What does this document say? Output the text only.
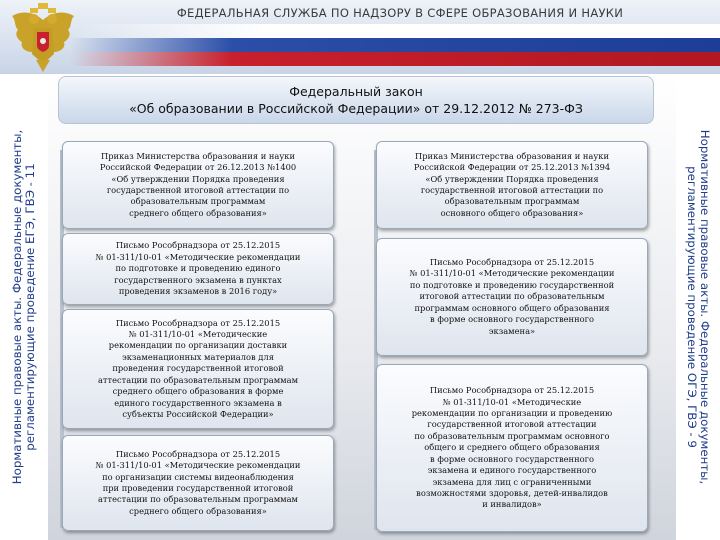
ФЕДЕРАЛЬНАЯ СЛУЖБА ПО НАДЗОРУ В СФЕРЕ ОБРАЗОВАНИЯ И НАУКИ
Нормативные правовые акты. Федеральные документы,
регламентирующие проведение ЕГЭ, ГВЭ - 11	Нормативные правовые акты. Федеральные документы,
регламентирующие проведение ОГЭ, ГВЭ - 9
Федеральный закон
«Об образовании в Российской Федерации» от 29.12.2012 № 273-ФЗ
Приказ Министерства образования и науки
Российской Федерации от 26.12.2013 №1400
«Об утверждении Порядка проведения
государственной итоговой аттестации по
образовательным программам
среднего общего образования»
Письмо Рособрнадзора от 25.12.2015
№ 01-311/10-01 «Методические рекомендации
по подготовке и проведению единого
государственного экзамена в пунктах
проведения экзаменов в 2016 году»
Письмо Рособрнадзора от 25.12.2015
№ 01-311/10-01 «Методические
рекомендации по организации доставки
экзаменационных материалов для
проведения государственной итоговой
аттестации по образовательным программам
среднего общего образования в форме
единого государственного экзамена в
субъекты Российской Федерации»
Письмо Рособрнадзора от 25.12.2015
№ 01-311/10-01 «Методические рекомендации
по организации системы видеонаблюдения
при проведении государственной итоговой
аттестации по образовательным программам
среднего общего образования»
Приказ Министерства образования и науки
Российской Федерации от 25.12.2013 №1394
«Об утверждении Порядка проведения
государственной итоговой аттестации по
образовательным программам
основного общего образования»
Письмо Рособрнадзора от 25.12.2015
№ 01-311/10-01 «Методические рекомендации
по подготовке и проведению государственной
итоговой аттестации по образовательным
программам основного общего образования
в форме основного государственного
экзамена»
Письмо Рособрнадзора от 25.12.2015
№ 01-311/10-01 «Методические
рекомендации по организации и проведению
государственной итоговой аттестации
по образовательным программам основного
общего и среднего общего образования
в форме основного государственного
экзамена и единого государственного
экзамена для лиц с ограниченными
возможностями здоровья, детей-инвалидов
и инвалидов»
